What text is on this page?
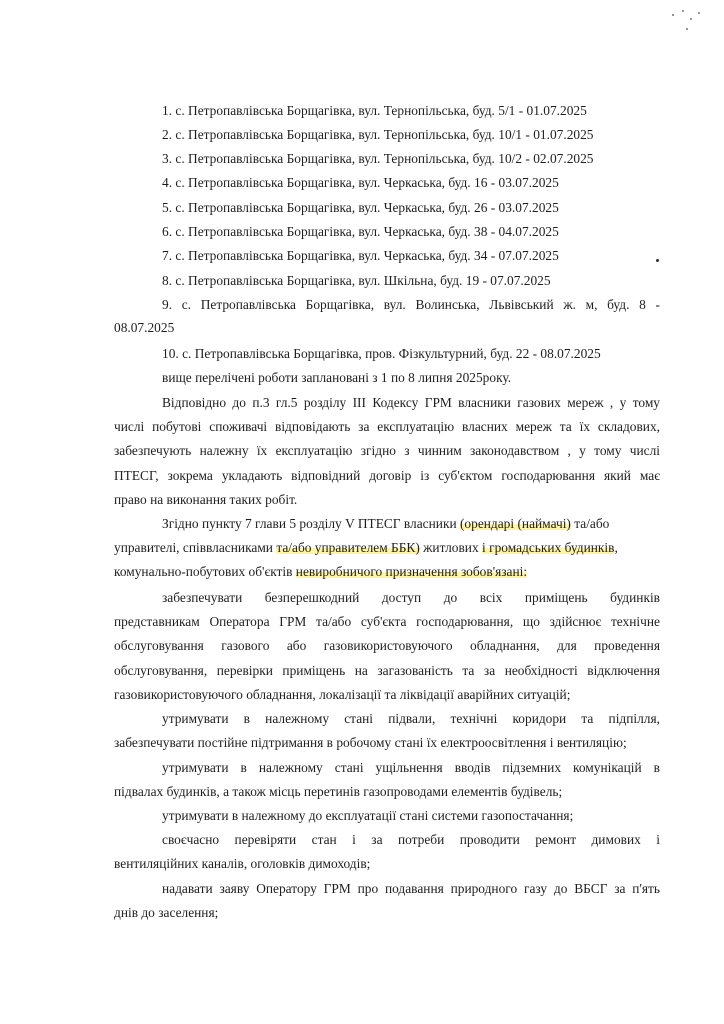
1. с. Петропавлівська Борщагівка, вул. Тернопільська, буд. 5/1 - 01.07.2025
2. с. Петропавлівська Борщагівка, вул. Тернопільська, буд. 10/1 - 01.07.2025
3. с. Петропавлівська Борщагівка, вул. Тернопільська, буд. 10/2 - 02.07.2025
4. с. Петропавлівська Борщагівка, вул. Черкаська, буд. 16 - 03.07.2025
5. с. Петропавлівська Борщагівка, вул. Черкаська, буд. 26 - 03.07.2025
6. с. Петропавлівська Борщагівка, вул. Черкаська, буд. 38 - 04.07.2025
7. с. Петропавлівська Борщагівка, вул. Черкаська, буд. 34 - 07.07.2025
8. с. Петропавлівська Борщагівка, вул. Шкільна, буд. 19 - 07.07.2025
9. с. Петропавлівська Борщагівка, вул. Волинська, Львівський ж. м, буд. 8 -
08.07.2025
10. с. Петропавлівська Борщагівка, пров. Фізкультурний, буд. 22 - 08.07.2025
вище перелічені роботи заплановані з 1 по 8 липня 2025року.
Відповідно до п.3 гл.5 розділу ІІІ Кодексу ГРМ власники газових мереж , у тому
числі побутові споживачі відповідають за експлуатацію власних мереж та їх складових,
забезпечують належну їх експлуатацію згідно з чинним законодавством , у тому числі
ПТЕСГ, зокрема укладають відповідний договір із суб'єктом господарювання який має
право на виконання таких робіт.
Згідно пункту 7 глави 5 розділу V ПТЕСГ власники (орендарі (наймачі) та/або
управителі, співвласниками та/або управителем ББК) житлових і громадських будинків,
комунально-побутових об'єктів невиробничого призначення зобов'язані:
забезпечувати безперешкодний доступ до всіх приміщень будинків
представникам Оператора ГРМ та/або суб'єкта господарювання, що здійснює технічне
обслуговування газового або газовикористовуючого обладнання, для проведення
обслуговування, перевірки приміщень на загазованість та за необхідності відключення
газовикористовуючого обладнання, локалізації та ліквідації аварійних ситуацій;
утримувати в належному стані підвали, технічні коридори та підпілля,
забезпечувати постійне підтримання в робочому стані їх електроосвітлення і вентиляцію;
утримувати в належному стані ущільнення вводів підземних комунікацій в
підвалах будинків, а також місць перетинів газопроводами елементів будівель;
утримувати в належному до експлуатації стані системи газопостачання;
своєчасно перевіряти стан і за потреби проводити ремонт димових і
вентиляційних каналів, оголовків димоходів;
надавати заяву Оператору ГРМ про подавання природного газу до ВБСГ за п'ять
днів до заселення;
